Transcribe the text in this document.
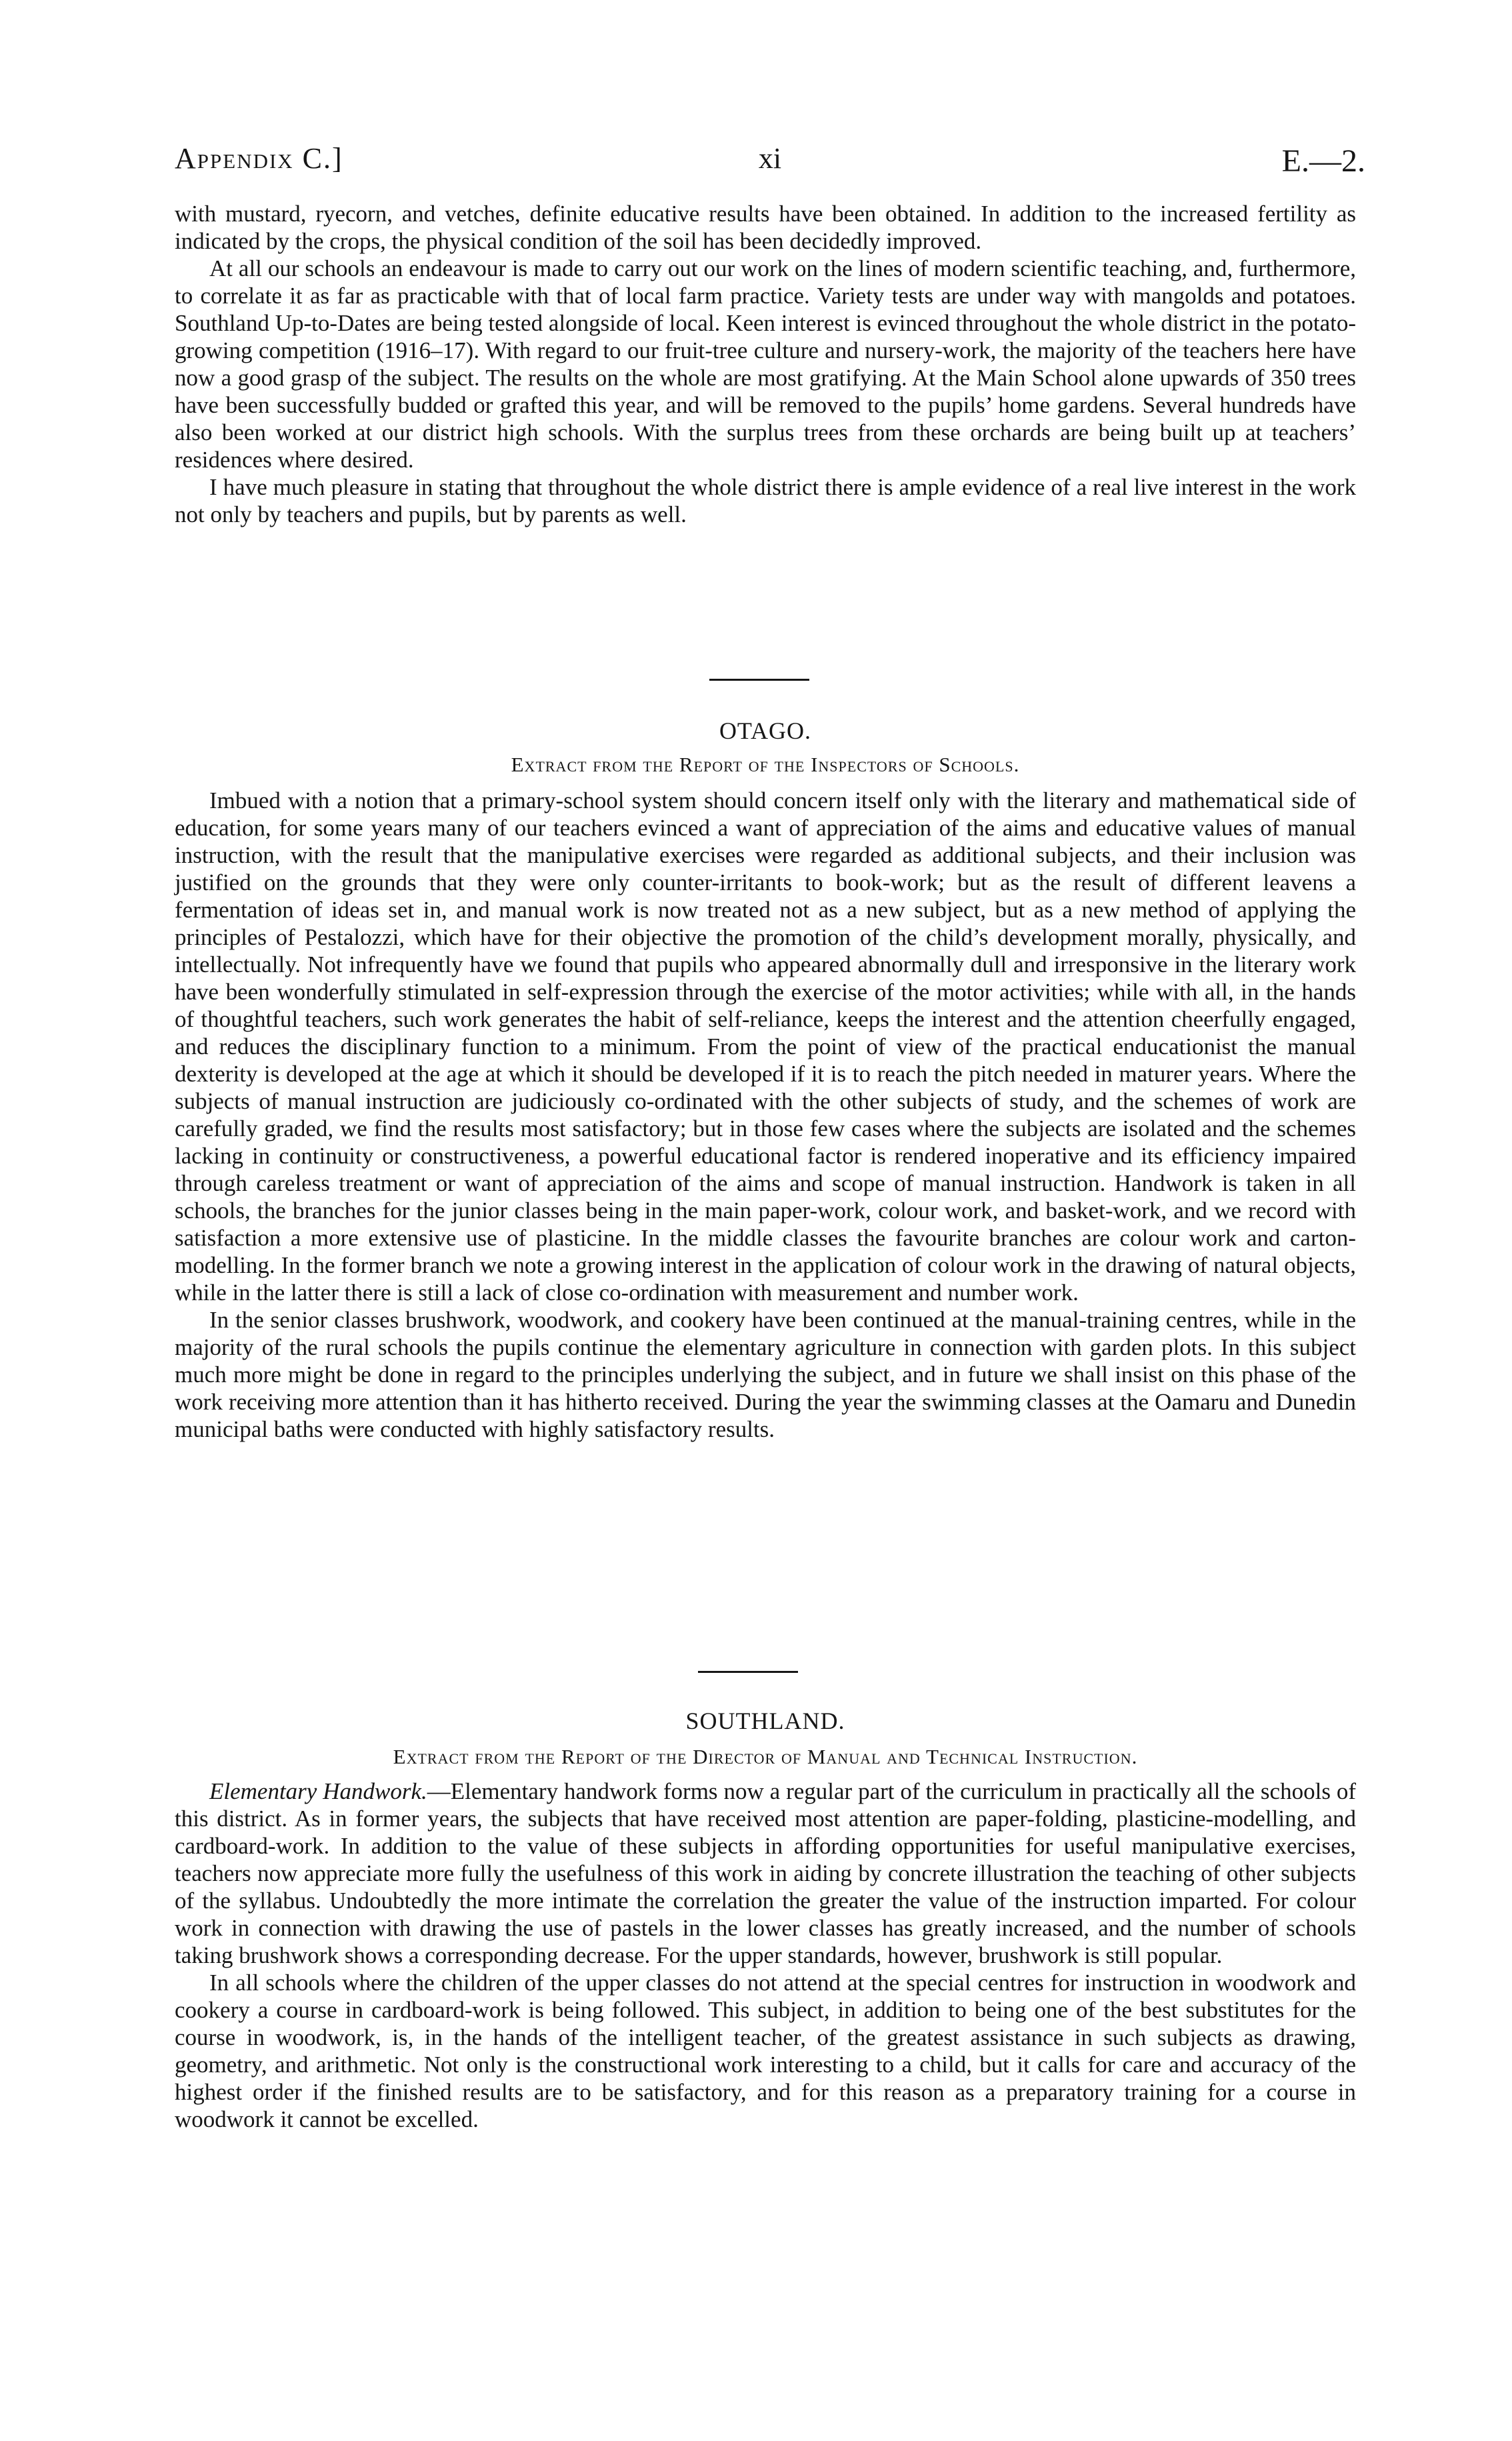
Appendix C.]	xi	E.—2.

with mustard, ryecorn, and vetches, definite educative results have been obtained. In addition to the increased fertility as indicated by the crops, the physical condition of the soil has been decidedly improved.

At all our schools an endeavour is made to carry out our work on the lines of modern scientific teaching, and, furthermore, to correlate it as far as practicable with that of local farm practice. Variety tests are under way with mangolds and potatoes. Southland Up-to-Dates are being tested alongside of local. Keen interest is evinced throughout the whole district in the potato-growing competition (1916–17). With regard to our fruit-tree culture and nursery-work, the majority of the teachers here have now a good grasp of the subject. The results on the whole are most gratifying. At the Main School alone upwards of 350 trees have been successfully budded or grafted this year, and will be removed to the pupils’ home gardens. Several hundreds have also been worked at our district high schools. With the surplus trees from these orchards are being built up at teachers’ residences where desired.

I have much pleasure in stating that throughout the whole district there is ample evidence of a real live interest in the work not only by teachers and pupils, but by parents as well.

OTAGO.
Extract from the Report of the Inspectors of Schools.

Imbued with a notion that a primary-school system should concern itself only with the literary and mathematical side of education, for some years many of our teachers evinced a want of appreciation of the aims and educative values of manual instruction, with the result that the manipulative exercises were regarded as additional subjects, and their inclusion was justified on the grounds that they were only counter-irritants to book-work; but as the result of different leavens a fermentation of ideas set in, and manual work is now treated not as a new subject, but as a new method of applying the principles of Pestalozzi, which have for their objective the promotion of the child’s development morally, physically, and intellectually. Not infrequently have we found that pupils who appeared abnormally dull and irresponsive in the literary work have been wonderfully stimulated in self-expression through the exercise of the motor activities; while with all, in the hands of thoughtful teachers, such work generates the habit of self-reliance, keeps the interest and the attention cheerfully engaged, and reduces the disciplinary function to a minimum. From the point of view of the practical enducationist the manual dexterity is developed at the age at which it should be developed if it is to reach the pitch needed in maturer years. Where the subjects of manual instruction are judiciously co-ordinated with the other subjects of study, and the schemes of work are carefully graded, we find the results most satisfactory; but in those few cases where the subjects are isolated and the schemes lacking in continuity or constructiveness, a powerful educational factor is rendered inoperative and its efficiency impaired through careless treatment or want of appreciation of the aims and scope of manual instruction. Handwork is taken in all schools, the branches for the junior classes being in the main paper-work, colour work, and basket-work, and we record with satisfaction a more extensive use of plasticine. In the middle classes the favourite branches are colour work and carton-modelling. In the former branch we note a growing interest in the application of colour work in the drawing of natural objects, while in the latter there is still a lack of close co-ordination with measurement and number work.

In the senior classes brushwork, woodwork, and cookery have been continued at the manual-training centres, while in the majority of the rural schools the pupils continue the elementary agriculture in connection with garden plots. In this subject much more might be done in regard to the principles underlying the subject, and in future we shall insist on this phase of the work receiving more attention than it has hitherto received. During the year the swimming classes at the Oamaru and Dunedin municipal baths were conducted with highly satisfactory results.

SOUTHLAND.
Extract from the Report of the Director of Manual and Technical Instruction.

Elementary Handwork.—Elementary handwork forms now a regular part of the curriculum in practically all the schools of this district. As in former years, the subjects that have received most attention are paper-folding, plasticine-modelling, and cardboard-work. In addition to the value of these subjects in affording opportunities for useful manipulative exercises, teachers now appreciate more fully the usefulness of this work in aiding by concrete illustration the teaching of other subjects of the syllabus. Undoubtedly the more intimate the correlation the greater the value of the instruction imparted. For colour work in connection with drawing the use of pastels in the lower classes has greatly increased, and the number of schools taking brushwork shows a corresponding decrease. For the upper standards, however, brushwork is still popular.

In all schools where the children of the upper classes do not attend at the special centres for instruction in woodwork and cookery a course in cardboard-work is being followed. This subject, in addition to being one of the best substitutes for the course in woodwork, is, in the hands of the intelligent teacher, of the greatest assistance in such subjects as drawing, geometry, and arithmetic. Not only is the constructional work interesting to a child, but it calls for care and accuracy of the highest order if the finished results are to be satisfactory, and for this reason as a preparatory training for a course in woodwork it cannot be excelled.
